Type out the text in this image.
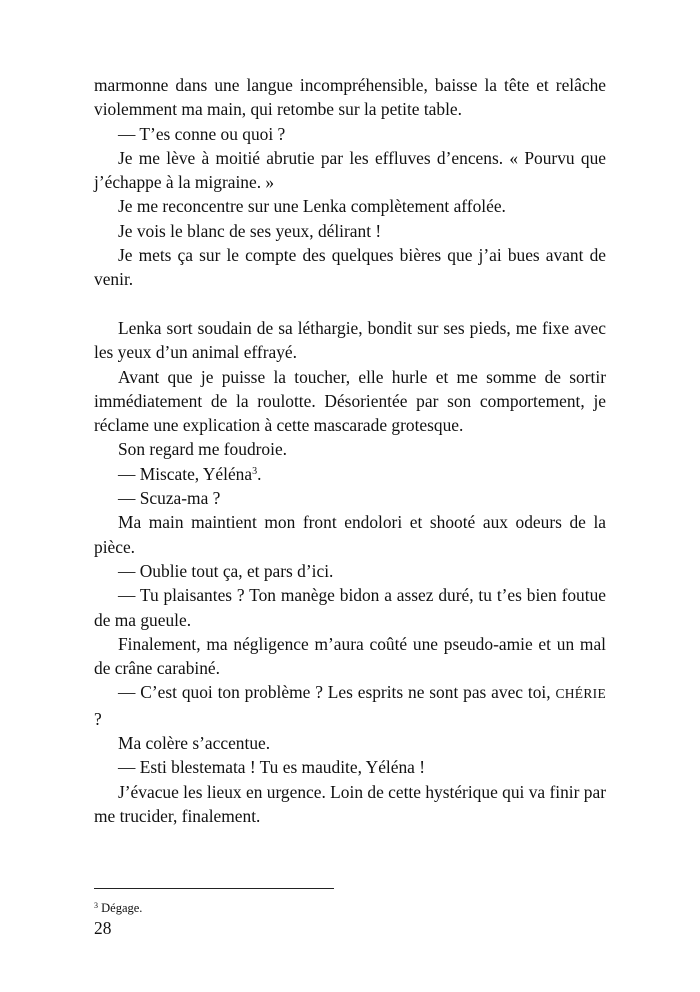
marmonne dans une langue incompréhensible, baisse la tête et relâche violemment ma main, qui retombe sur la petite table.

— T’es conne ou quoi ?

Je me lève à moitié abrutie par les effluves d’encens. « Pourvu que j’échappe à la migraine. »

Je me reconcentre sur une Lenka complètement affolée.

Je vois le blanc de ses yeux, délirant !

Je mets ça sur le compte des quelques bières que j’ai bues avant de venir.

Lenka sort soudain de sa léthargie, bondit sur ses pieds, me fixe avec les yeux d’un animal effrayé.

Avant que je puisse la toucher, elle hurle et me somme de sortir immédiatement de la roulotte. Désorientée par son comportement, je réclame une explication à cette mascarade grotesque.

Son regard me foudroie.

— Miscate, Yéléna$^3$.

— Scuza-ma ?

Ma main maintient mon front endolori et shooté aux odeurs de la pièce.

— Oublie tout ça, et pars d’ici.

— Tu plaisantes ? Ton manège bidon a assez duré, tu t’es bien foutue de ma gueule.

Finalement, ma négligence m’aura coûté une pseudo-amie et un mal de crâne carabiné.

— C’est quoi ton problème ? Les esprits ne sont pas avec toi, CHÉRIE ?

Ma colère s’accentue.

— Esti blestemata ! Tu es maudite, Yéléna !

J’évacue les lieux en urgence. Loin de cette hystérique qui va finir par me trucider, finalement.

$^3$ Dégage.
28
